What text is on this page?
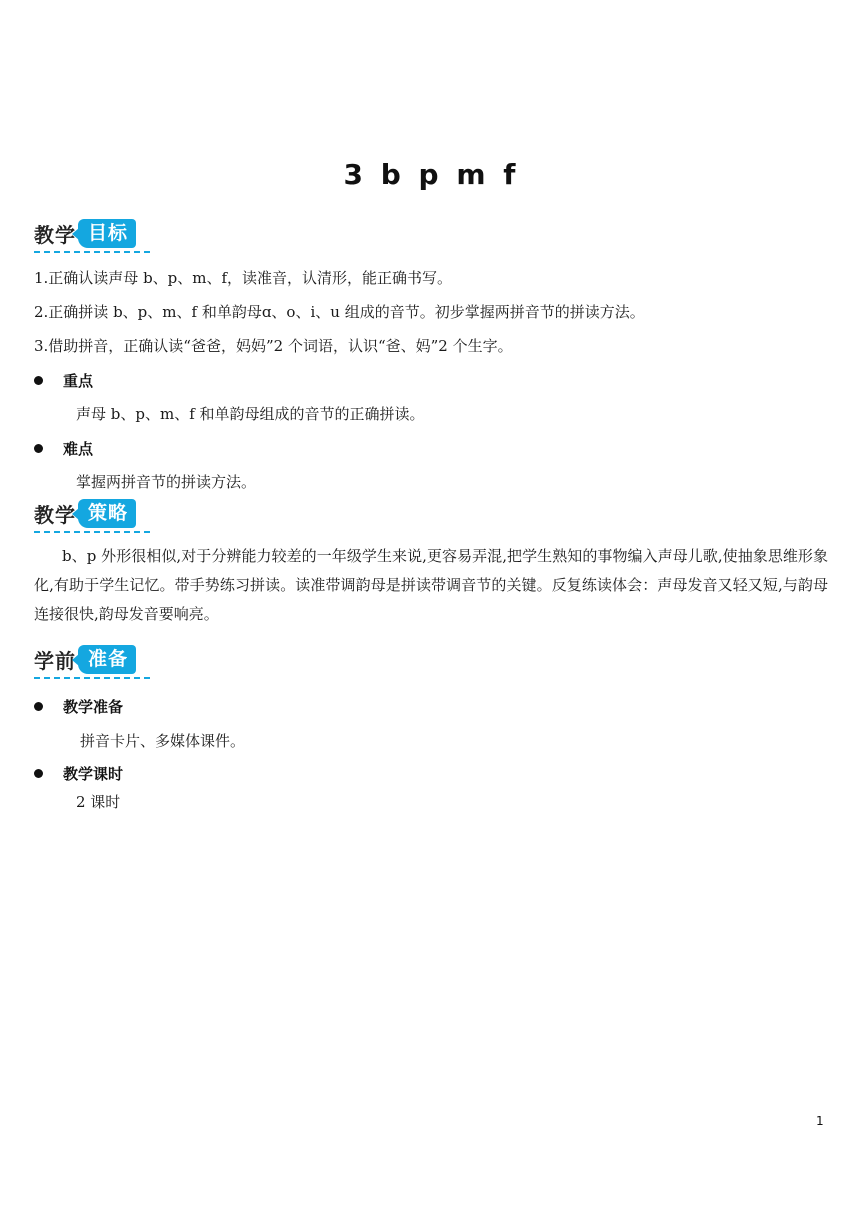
3 b p m f
教学 目标
1.正确认读声母 b、p、m、f，读准音，认清形，能正确书写。
2.正确拼读 b、p、m、f 和单韵母ɑ、o、i、u 组成的音节。初步掌握两拼音节的拼读方法。
3.借助拼音，正确认读“爸爸，妈妈”2 个词语，认识“爸、妈”2 个生字。
重点
声母 b、p、m、f 和单韵母组成的音节的正确拼读。
难点
掌握两拼音节的拼读方法。
教学 策略
b、p 外形很相似,对于分辨能力较差的一年级学生来说,更容易弄混,把学生熟知的事物编入声母儿歌,使抽象思维形象化,有助于学生记忆。带手势练习拼读。读准带调韵母是拼读带调音节的关键。反复练读体会：声母发音又轻又短,与韵母连接很快,韵母发音要响亮。
学前 准备
教学准备
拼音卡片、多媒体课件。
教学课时
2 课时
1
